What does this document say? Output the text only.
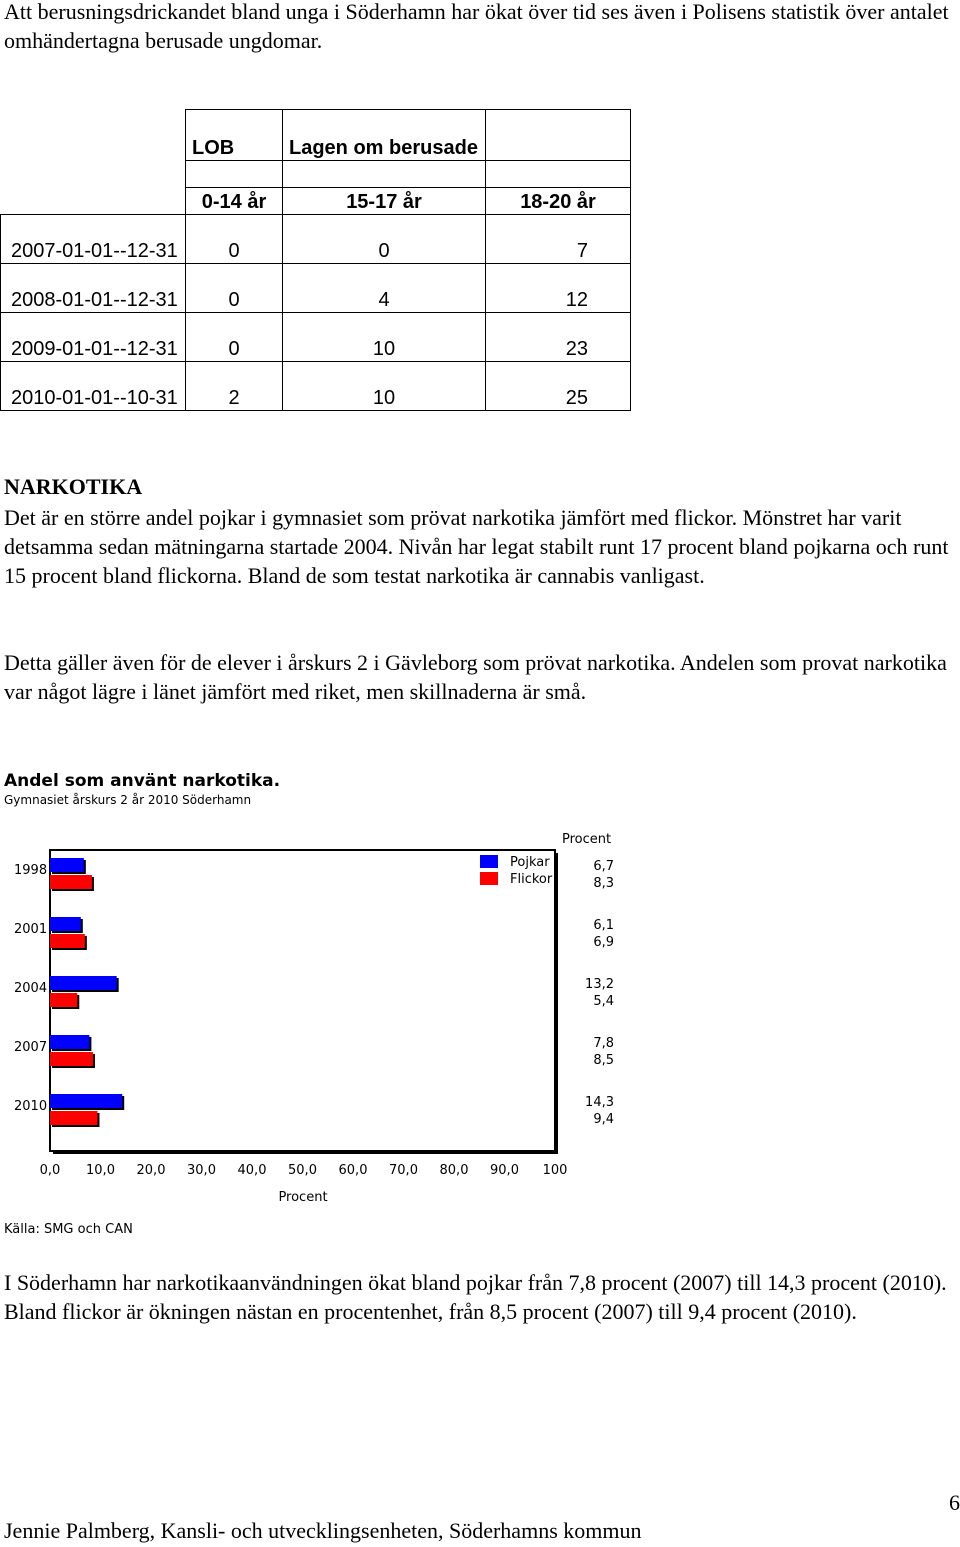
Att berusningsdrickandet bland unga i Söderhamn har ökat över tid ses även i Polisens statistik över antalet omhändertagna berusade ungdomar.

	LOB	Lagen om berusade	

	0-14 år	15-17 år	18-20 år
2007-01-01--12-31	0	0	7
2008-01-01--12-31	0	4	12
2009-01-01--12-31	0	10	23
2010-01-01--10-31	2	10	25

NARKOTIKA

Det är en större andel pojkar i gymnasiet som prövat narkotika jämfört med flickor. Mönstret har varit detsamma sedan mätningarna startade 2004. Nivån har legat stabilt runt 17 procent bland pojkarna och runt 15 procent bland flickorna. Bland de som testat narkotika är cannabis vanligast.

Detta gäller även för de elever i årskurs 2 i Gävleborg som prövat narkotika. Andelen som provat narkotika var något lägre i länet jämfört med riket, men skillnaderna är små.

Andel som använt narkotika.
Gymnasiet årskurs 2 år 2010 Söderhamn
Procent
1998	6,7
8,3
2001	6,1
6,9
2004	13,2
5,4
2007	7,8
8,5
2010	14,3
9,4
Pojkar
Flickor
0,0 10,0 20,0 30,0 40,0 50,0 60,0 70,0 80,0 90,0 100
Procent
Källa: SMG och CAN

I Söderhamn har narkotikaanvändningen ökat bland pojkar från 7,8 procent (2007) till 14,3 procent (2010). Bland flickor är ökningen nästan en procentenhet, från 8,5 procent (2007) till 9,4 procent (2010).

6
Jennie Palmberg, Kansli- och utvecklingsenheten, Söderhamns kommun
